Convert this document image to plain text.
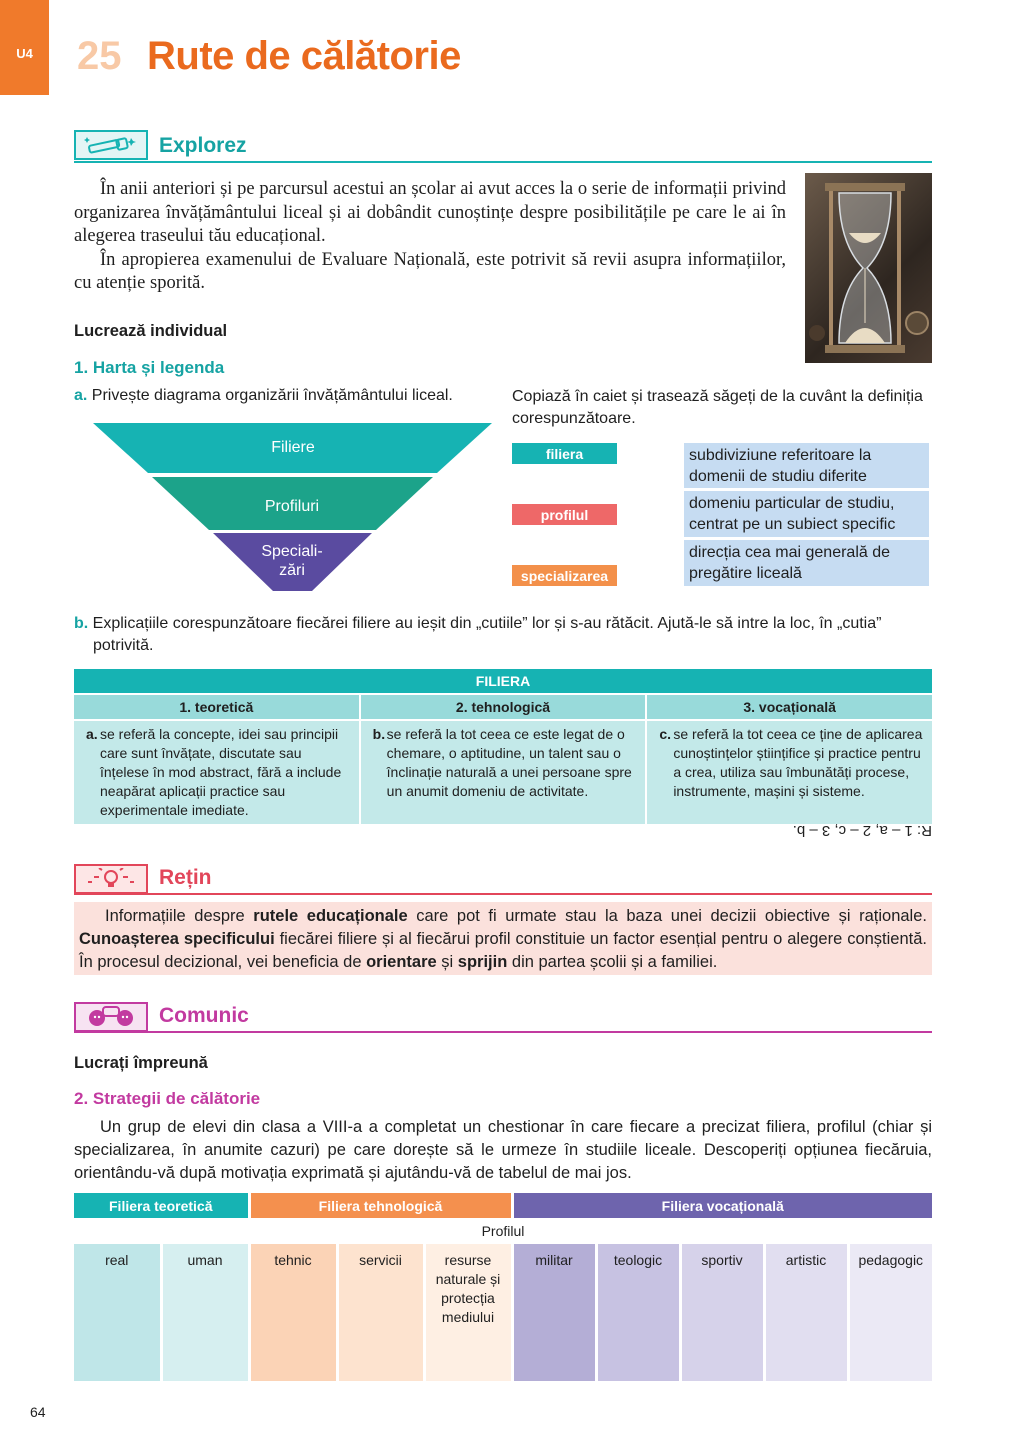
U4 25 Rute de călătorie
Explorez

În anii anteriori și pe parcursul acestui an școlar ai avut acces la o serie de informații privind organizarea învățământului liceal și ai dobândit cunoștințe despre posibilitățile pe care le ai în alegerea traseului tău educațional.

În apropierea examenului de Evaluare Națională, este potrivit să revii asupra informațiilor, cu atenție sporită.

Lucrează individual
1. Harta și legenda
a. Privește diagrama organizării învățământului liceal.
Filiere
Profiluri
Speciali-
zări
Copiază în caiet și trasează săgeți de la cuvânt la definiția corespunzătoare.
filiera
profilul
specializarea
subdiviziune referitoare la domenii de studiu diferite
domeniu particular de studiu, centrat pe un subiect specific
direcția cea mai generală de pregătire liceală
b. Explicațiile corespunzătoare fiecărei filiere au ieșit din „cutiile” lor și s-au rătăcit. Ajută-le să intre la loc, în „cutia” potrivită.
FILIERA		
1. teoretică	2. tehnologică	3. vocațională

a. se referă la concepte, idei sau principii care sunt învățate, discutate sau înțelese în mod abstract, fără a include neapărat aplicații practice sau experimentale imediate.	b. se referă la tot ceea ce este legat de o chemare, o aptitudine, un talent sau o înclinație naturală a unei persoane spre un anumit domeniu de activitate.	c. se referă la tot ceea ce ține de aplicarea cunoștințelor științifice și practice pentru a crea, utiliza sau îmbunătăți procese, instrumente, mașini și sisteme.
R: 1 – a, 2 – c, 3 – b.
Rețin
Informațiile despre rutele educaționale care pot fi urmate stau la baza unei decizii obiective și raționale. Cunoașterea specificului fiecărei filiere și al fiecărui profil constituie un factor esențial pentru o alegere conștientă. În procesul decizional, vei beneficia de orientare și sprijin din partea școlii și a familiei.
Comunic
Lucrați împreună
2. Strategii de călătorie
Un grup de elevi din clasa a VIII-a a completat un chestionar în care fiecare a precizat filiera, profilul (chiar și specializarea, în anumite cazuri) pe care dorește să le urmeze în studiile liceale. Descoperiți opțiunea fiecăruia, orientându-vă după motivația exprimată și ajutându-vă de tabelul de mai jos.
Filiera teoretică		Filiera tehnologică			Filiera vocațională				
Profilul									
real	uman	tehnic	servicii	resurse naturale și protecția mediului	militar	teologic	sportiv	artistic	pedagogic
64
